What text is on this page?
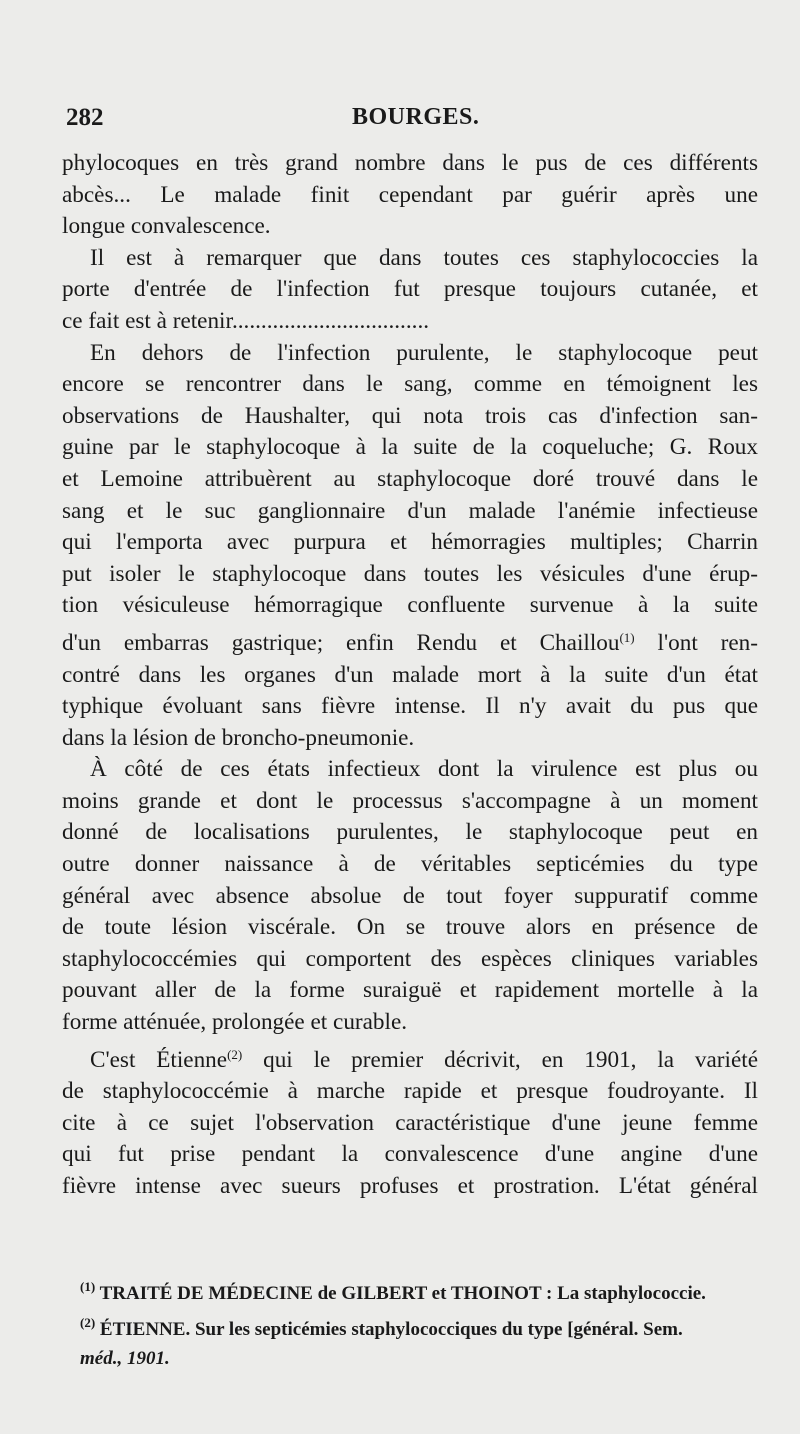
282	BOURGES.
phylocoques en très grand nombre dans le pus de ces différents
abcès... Le malade finit cependant par guérir après une
longue convalescence.
Il est à remarquer que dans toutes ces staphylococcies la
porte d'entrée de l'infection fut presque toujours cutanée, et
ce fait est à retenir..................................
En dehors de l'infection purulente, le staphylocoque peut
encore se rencontrer dans le sang, comme en témoignent les
observations de Haushalter, qui nota trois cas d'infection san-
guine par le staphylocoque à la suite de la coqueluche; G. Roux
et Lemoine attribuèrent au staphylocoque doré trouvé dans le
sang et le suc ganglionnaire d'un malade l'anémie infectieuse
qui l'emporta avec purpura et hémorragies multiples; Charrin
put isoler le staphylocoque dans toutes les vésicules d'une érup-
tion vésiculeuse hémorragique confluente survenue à la suite
d'un embarras gastrique; enfin Rendu et Chaillou$^{(1)}$ l'ont ren-
contré dans les organes d'un malade mort à la suite d'un état
typhique évoluant sans fièvre intense. Il n'y avait du pus que
dans la lésion de broncho-pneumonie.
À côté de ces états infectieux dont la virulence est plus ou
moins grande et dont le processus s'accompagne à un moment
donné de localisations purulentes, le staphylocoque peut en
outre donner naissance à de véritables septicémies du type
général avec absence absolue de tout foyer suppuratif comme
de toute lésion viscérale. On se trouve alors en présence de
staphylococcémies qui comportent des espèces cliniques variables
pouvant aller de la forme suraiguë et rapidement mortelle à la
forme atténuée, prolongée et curable.
C'est Étienne$^{(2)}$ qui le premier décrivit, en 1901, la variété
de staphylococcémie à marche rapide et presque foudroyante. Il
cite à ce sujet l'observation caractéristique d'une jeune femme
qui fut prise pendant la convalescence d'une angine d'une
fièvre intense avec sueurs profuses et prostration. L'état général
$^{(1)}$ TRAITÉ DE MÉDECINE de GILBERT et THOINOT : La staphylococcie.
$^{(2)}$ ÉTIENNE. Sur les septicémies staphylococciques du type [général. Sem.
méd., 1901.
